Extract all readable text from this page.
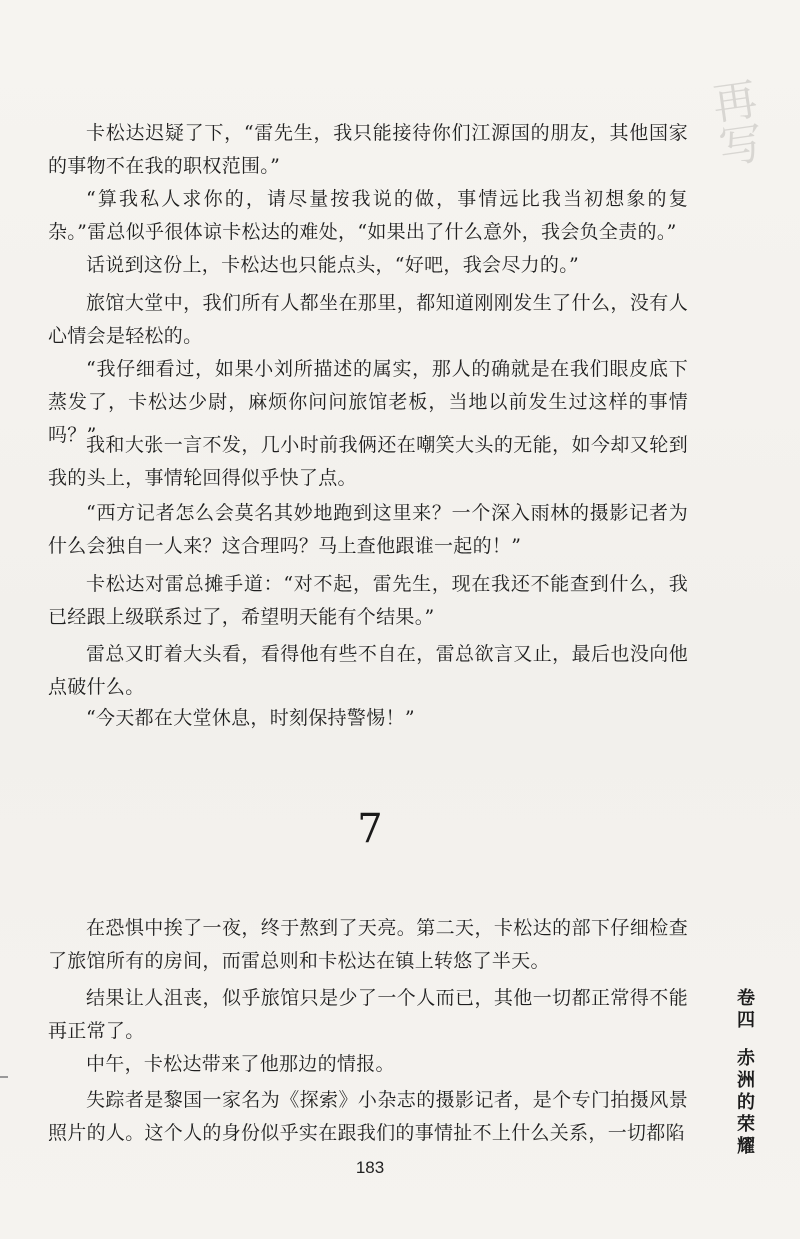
再写

卡松达迟疑了下，“雷先生，我只能接待你们江源国的朋友，其他国家的事物不在我的职权范围。”

“算我私人求你的，请尽量按我说的做，事情远比我当初想象的复杂。”雷总似乎很体谅卡松达的难处，“如果出了什么意外，我会负全责的。”

话说到这份上，卡松达也只能点头，“好吧，我会尽力的。”

旅馆大堂中，我们所有人都坐在那里，都知道刚刚发生了什么，没有人心情会是轻松的。

“我仔细看过，如果小刘所描述的属实，那人的确就是在我们眼皮底下蒸发了，卡松达少尉，麻烦你问问旅馆老板，当地以前发生过这样的事情吗？”

我和大张一言不发，几小时前我俩还在嘲笑大头的无能，如今却又轮到我的头上，事情轮回得似乎快了点。

“西方记者怎么会莫名其妙地跑到这里来？一个深入雨林的摄影记者为什么会独自一人来？这合理吗？马上查他跟谁一起的！”

卡松达对雷总摊手道：“对不起，雷先生，现在我还不能查到什么，我已经跟上级联系过了，希望明天能有个结果。”

雷总又盯着大头看，看得他有些不自在，雷总欲言又止，最后也没向他点破什么。

“今天都在大堂休息，时刻保持警惕！”

7

在恐惧中挨了一夜，终于熬到了天亮。第二天，卡松达的部下仔细检查了旅馆所有的房间，而雷总则和卡松达在镇上转悠了半天。

结果让人沮丧，似乎旅馆只是少了一个人而已，其他一切都正常得不能再正常了。

中午，卡松达带来了他那边的情报。

失踪者是黎国一家名为《探索》小杂志的摄影记者，是个专门拍摄风景照片的人。这个人的身份似乎实在跟我们的事情扯不上什么关系，一切都陷

卷四
赤洲的荣耀
183
